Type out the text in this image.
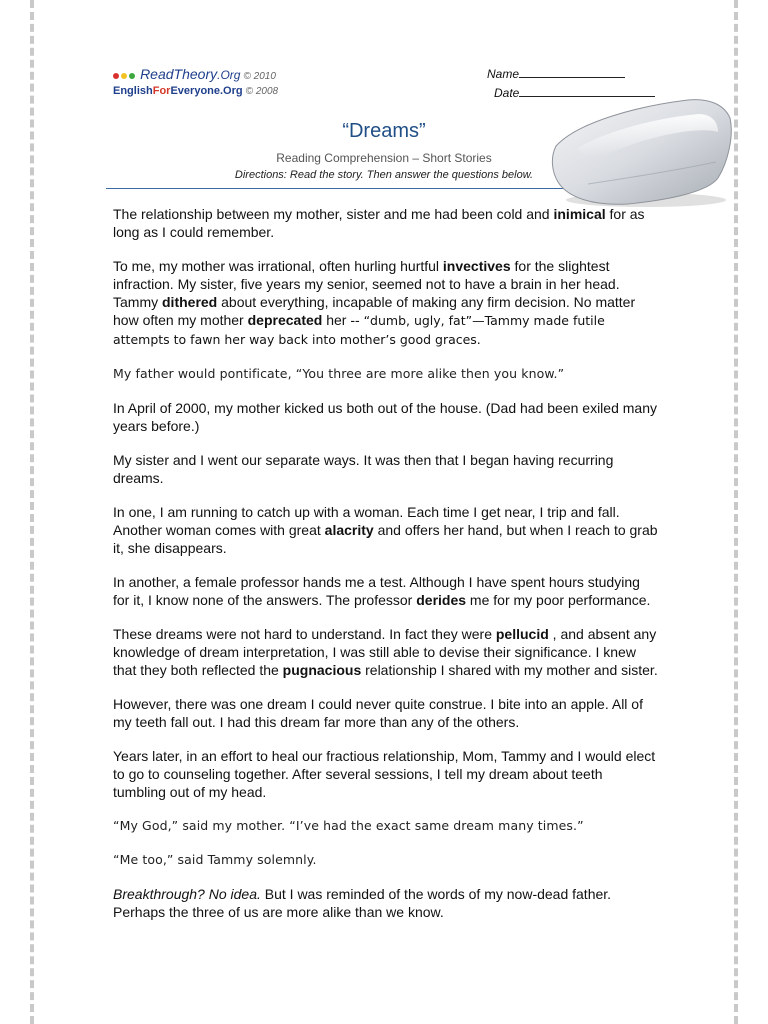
ReadTheory.Org © 2010
EnglishForEveryone.Org © 2008
Name
Date
“Dreams”
Reading Comprehension – Short Stories
Directions: Read the story. Then answer the questions below.

The relationship between my mother, sister and me had been cold and inimical for as long as I could remember.

To me, my mother was irrational, often hurling hurtful invectives for the slightest infraction. My sister, five years my senior, seemed not to have a brain in her head. Tammy dithered about everything, incapable of making any firm decision. No matter how often my mother deprecated her -- “dumb, ugly, fat”—Tammy made futile attempts to fawn her way back into mother’s good graces.

My father would pontificate, “You three are more alike then you know.”

In April of 2000, my mother kicked us both out of the house. (Dad had been exiled many years before.)

My sister and I went our separate ways. It was then that I began having recurring dreams.

In one, I am running to catch up with a woman. Each time I get near, I trip and fall. Another woman comes with great alacrity and offers her hand, but when I reach to grab it, she disappears.

In another, a female professor hands me a test. Although I have spent hours studying for it, I know none of the answers. The professor derides me for my poor performance.

These dreams were not hard to understand. In fact they were pellucid , and absent any knowledge of dream interpretation, I was still able to devise their significance. I knew that they both reflected the pugnacious relationship I shared with my mother and sister.

However, there was one dream I could never quite construe. I bite into an apple. All of my teeth fall out. I had this dream far more than any of the others.

Years later, in an effort to heal our fractious relationship, Mom, Tammy and I would elect to go to counseling together. After several sessions, I tell my dream about teeth tumbling out of my head.

“My God,” said my mother. “I’ve had the exact same dream many times.”

“Me too,” said Tammy solemnly.

Breakthrough? No idea. But I was reminded of the words of my now-dead father. Perhaps the three of us are more alike than we know.
